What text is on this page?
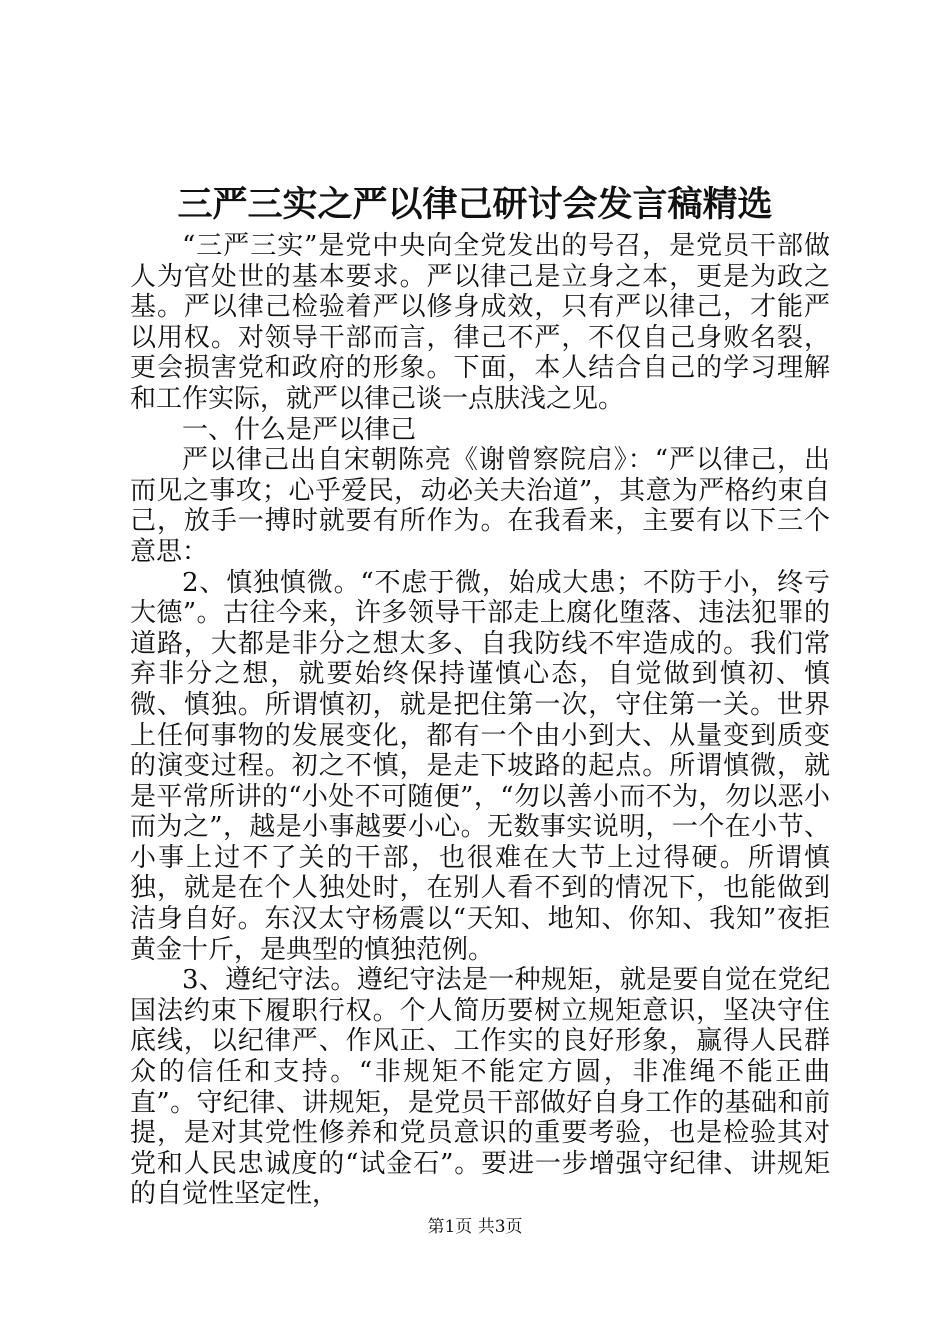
三严三实之严以律己研讨会发言稿精选

“三严三实”是党中央向全党发出的号召，是党员干部做人为官处世的基本要求。严以律己是立身之本，更是为政之基。严以律己检验着严以修身成效，只有严以律己，才能严以用权。对领导干部而言，律己不严，不仅自己身败名裂，更会损害党和政府的形象。下面，本人结合自己的学习理解和工作实际，就严以律己谈一点肤浅之见。

一、什么是严以律己

严以律己出自宋朝陈亮《谢曾察院启》：“严以律己，出而见之事攻；心乎爱民，动必关夫治道”，其意为严格约束自己，放手一搏时就要有所作为。在我看来，主要有以下三个意思：

2、慎独慎微。“不虑于微，始成大患；不防于小，终亏大德”。古往今来，许多领导干部走上腐化堕落、违法犯罪的道路，大都是非分之想太多、自我防线不牢造成的。我们常弃非分之想，就要始终保持谨慎心态，自觉做到慎初、慎微、慎独。所谓慎初，就是把住第一次，守住第一关。世界上任何事物的发展变化，都有一个由小到大、从量变到质变的演变过程。初之不慎，是走下坡路的起点。所谓慎微，就是平常所讲的“小处不可随便”，“勿以善小而不为，勿以恶小而为之”，越是小事越要小心。无数事实说明，一个在小节、小事上过不了关的干部，也很难在大节上过得硬。所谓慎独，就是在个人独处时，在别人看不到的情况下，也能做到洁身自好。东汉太守杨震以“天知、地知、你知、我知”夜拒黄金十斤，是典型的慎独范例。

3、遵纪守法。遵纪守法是一种规矩，就是要自觉在党纪国法约束下履职行权。个人简历要树立规矩意识，坚决守住底线，以纪律严、作风正、工作实的良好形象，赢得人民群众的信任和支持。“非规矩不能定方圆，非准绳不能正曲直”。守纪律、讲规矩，是党员干部做好自身工作的基础和前提，是对其党性修养和党员意识的重要考验，也是检验其对党和人民忠诚度的“试金石”。要进一步增强守纪律、讲规矩的自觉性坚定性，

第1页 共3页
